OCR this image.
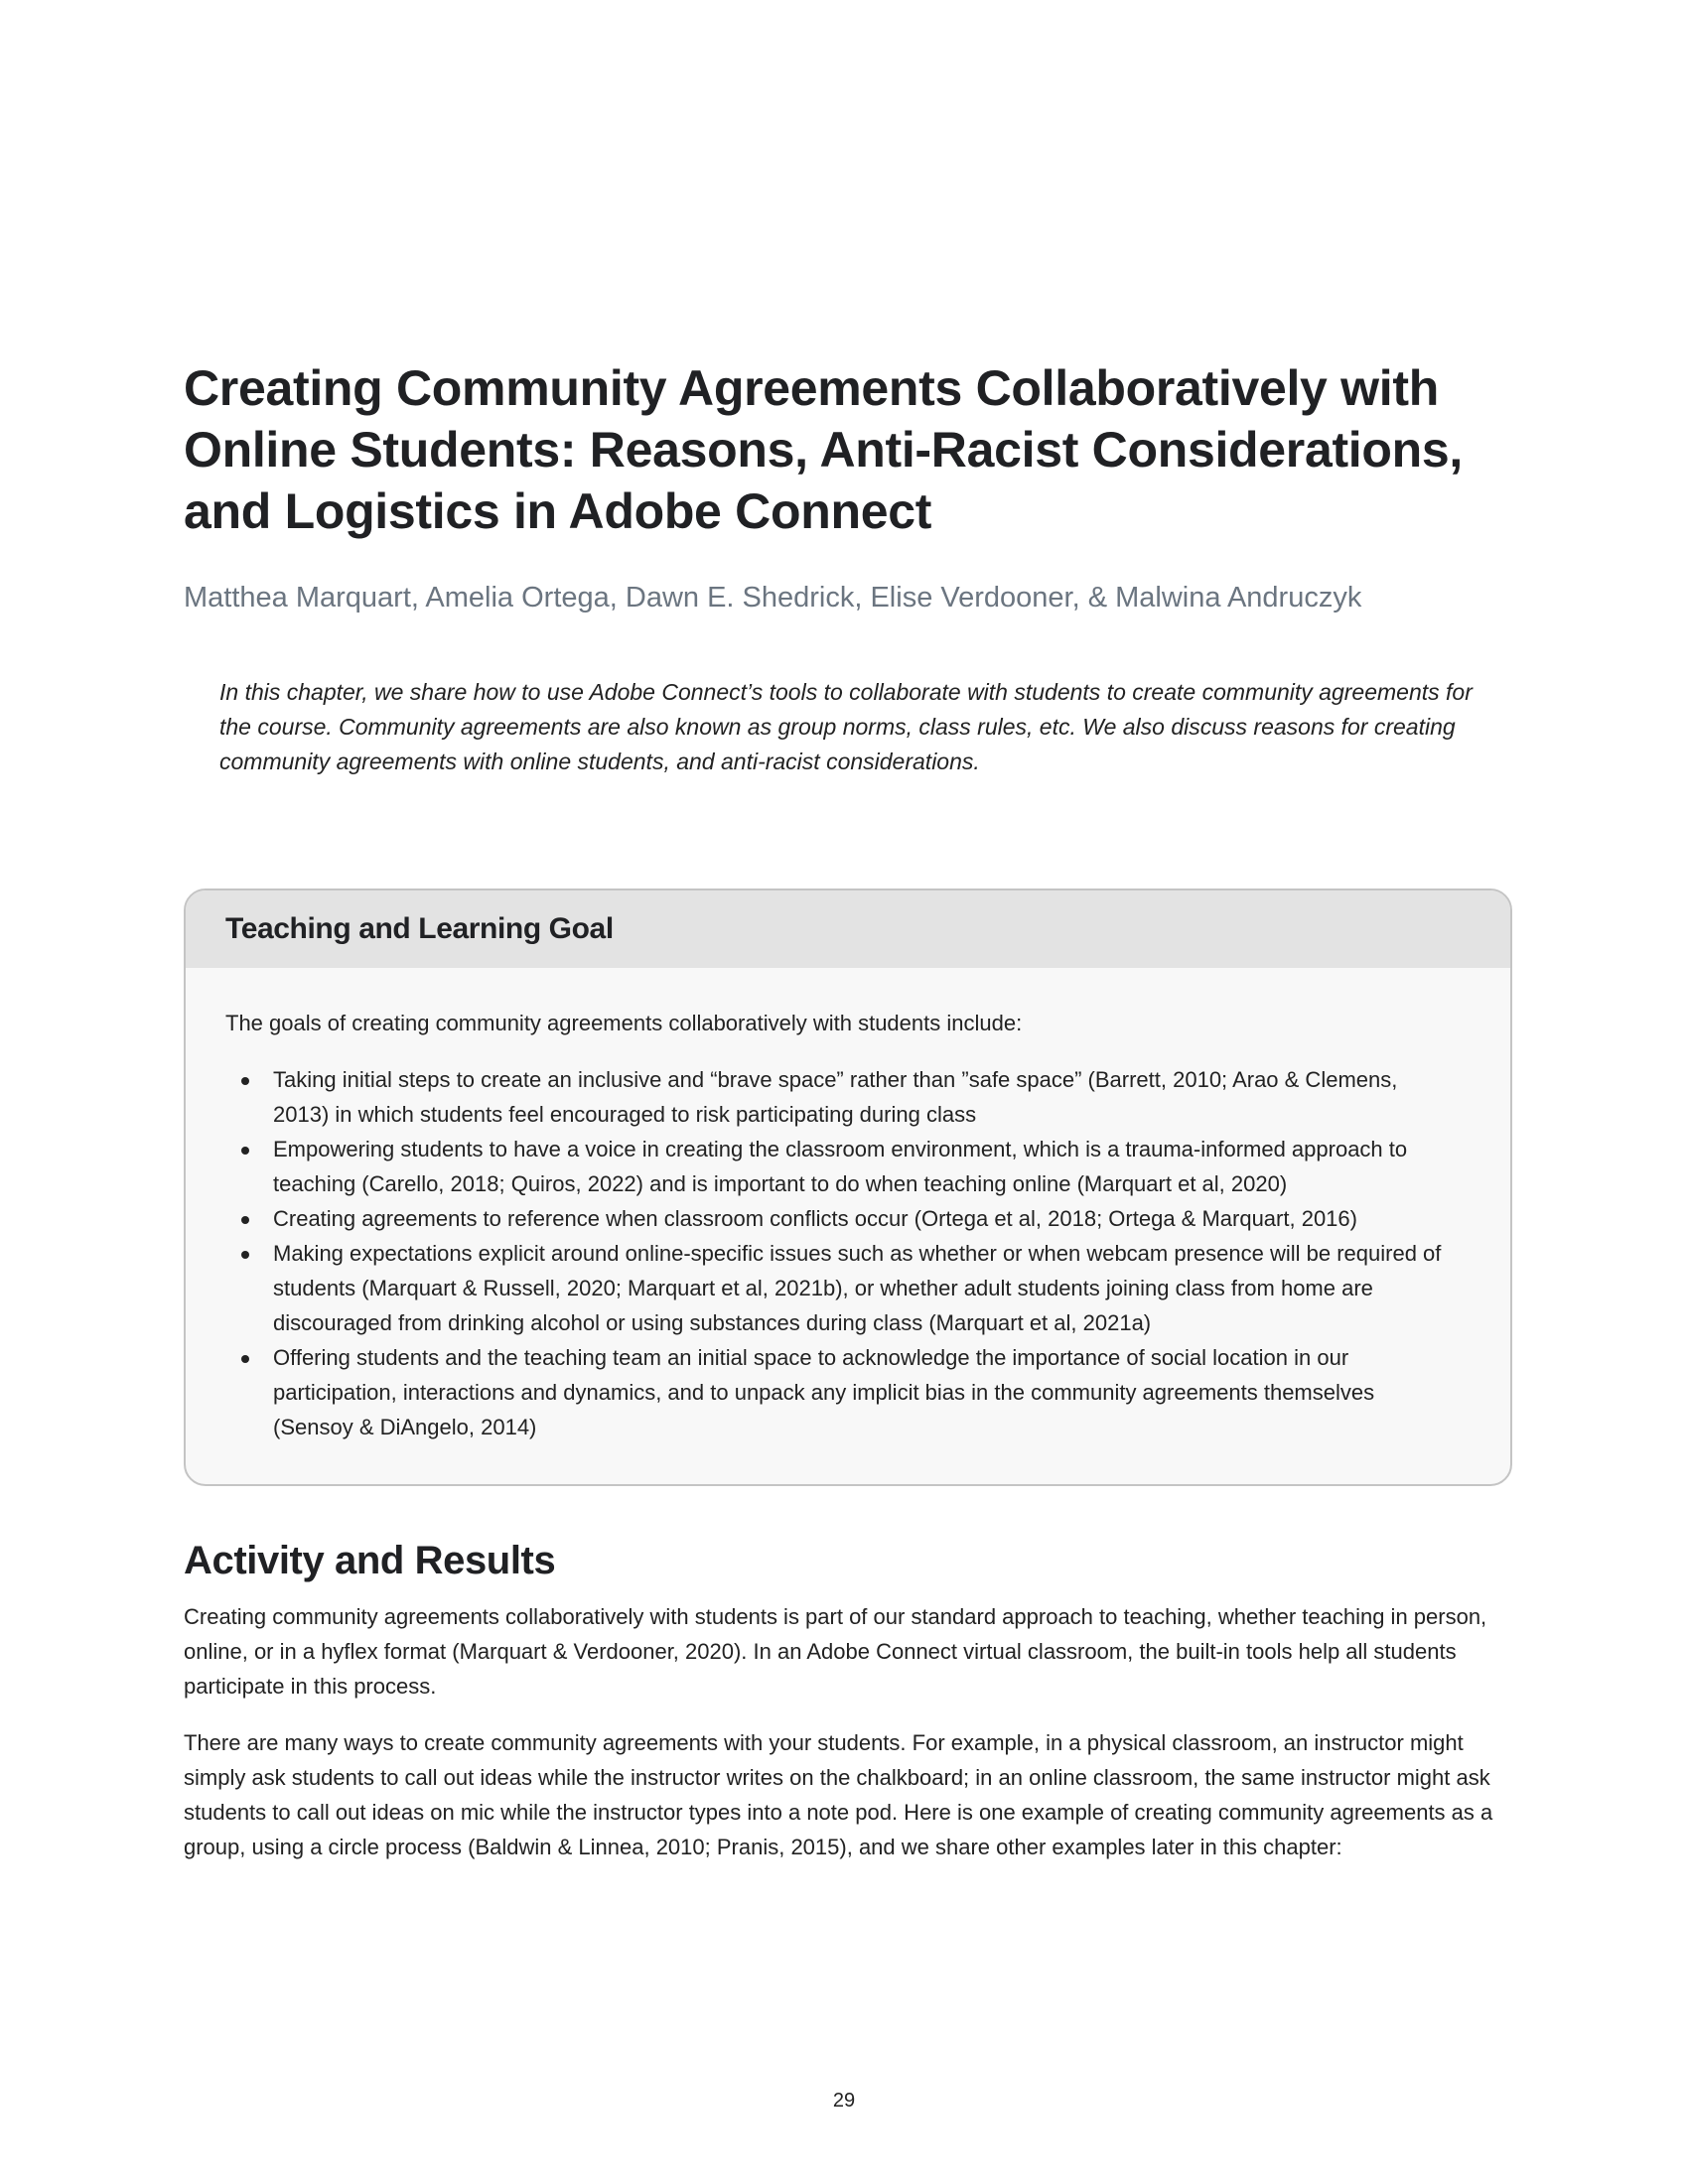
Creating Community Agreements Collaboratively with Online Students: Reasons, Anti-Racist Considerations, and Logistics in Adobe Connect
Matthea Marquart, Amelia Ortega, Dawn E. Shedrick, Elise Verdooner, & Malwina Andruczyk
In this chapter, we share how to use Adobe Connect’s tools to collaborate with students to create community agreements for the course. Community agreements are also known as group norms, class rules, etc. We also discuss reasons for creating community agreements with online students, and anti-racist considerations.
Teaching and Learning Goal

The goals of creating community agreements collaboratively with students include:

Taking initial steps to create an inclusive and “brave space” rather than ”safe space” (Barrett, 2010; Arao & Clemens, 2013) in which students feel encouraged to risk participating during class
Empowering students to have a voice in creating the classroom environment, which is a trauma-informed approach to teaching (Carello, 2018; Quiros, 2022) and is important to do when teaching online (Marquart et al, 2020)
Creating agreements to reference when classroom conflicts occur (Ortega et al, 2018; Ortega & Marquart, 2016)
Making expectations explicit around online-specific issues such as whether or when webcam presence will be required of students (Marquart & Russell, 2020; Marquart et al, 2021b), or whether adult students joining class from home are discouraged from drinking alcohol or using substances during class (Marquart et al, 2021a)
Offering students and the teaching team an initial space to acknowledge the importance of social location in our participation, interactions and dynamics, and to unpack any implicit bias in the community agreements themselves (Sensoy & DiAngelo, 2014)
Activity and Results

Creating community agreements collaboratively with students is part of our standard approach to teaching, whether teaching in person, online, or in a hyflex format (Marquart & Verdooner, 2020). In an Adobe Connect virtual classroom, the built-in tools help all students participate in this process.

There are many ways to create community agreements with your students. For example, in a physical classroom, an instructor might simply ask students to call out ideas while the instructor writes on the chalkboard; in an online classroom, the same instructor might ask students to call out ideas on mic while the instructor types into a note pod. Here is one example of creating community agreements as a group, using a circle process (Baldwin & Linnea, 2010; Pranis, 2015), and we share other examples later in this chapter:

29
